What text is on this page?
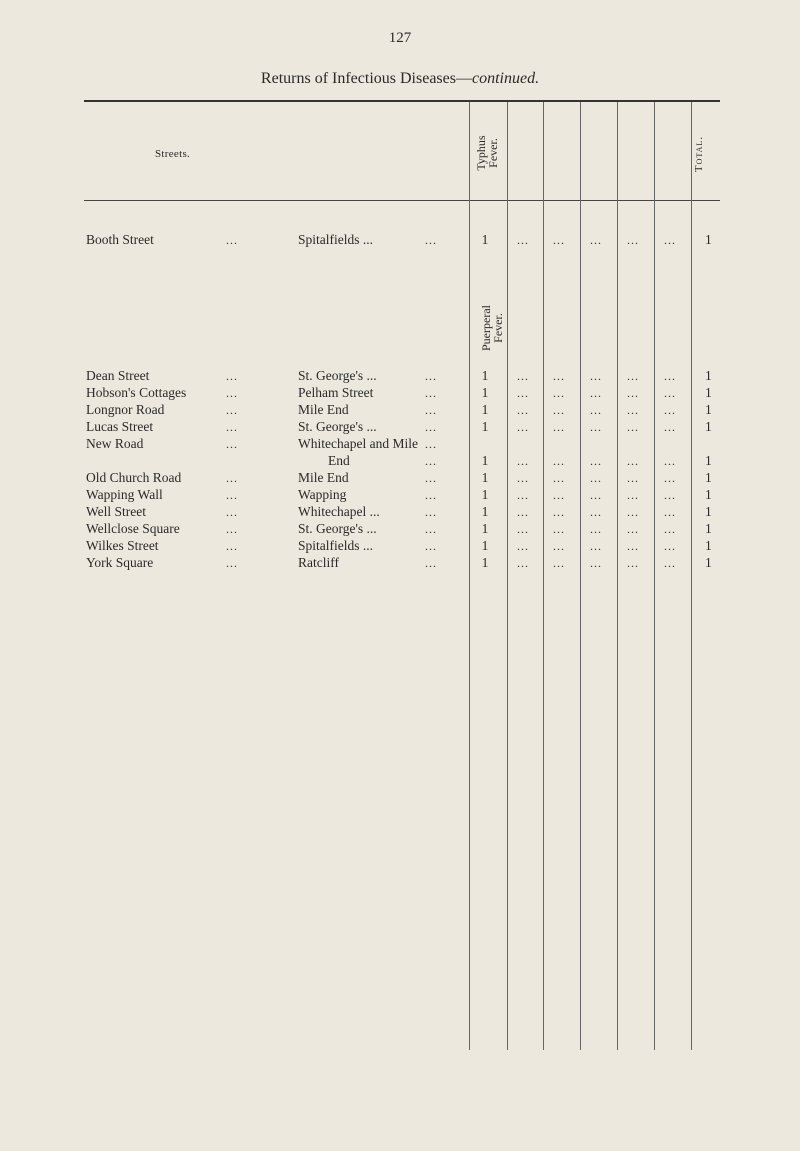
127
Returns of Infectious Diseases—continued.
Streets.	Typhus
Fever.	Total.
Booth Street	...	Spitalfields ...	1 ... ... ... ... ... 1
...
Puerperal
Fever.
Dean Street	...	St. George's ...	1 ... ... ... ... ... 1
...
Hobson's Cottages	...	Pelham Street	1 ... ... ... ... ... 1
...
Longnor Road	...	Mile End	1 ... ... ... ... ... 1
...
Lucas Street	...	St. George's ...	1 ... ... ... ... ... 1
...
New Road	...	Whitechapel and Mile ...
End	1 ... ... ... ... ... 1
...
Old Church Road	...	Mile End	1 ... ... ... ... ... 1
...
Wapping Wall	...	Wapping	1 ... ... ... ... ... 1
...
Well Street	...	Whitechapel ...	1 ... ... ... ... ... 1
...
Wellclose Square	...	St. George's ...	1 ... ... ... ... ... 1
...
Wilkes Street	...	Spitalfields ...	1 ... ... ... ... ... 1
...
York Square	...	Ratcliff	1 ... ... ... ... ... 1
...
